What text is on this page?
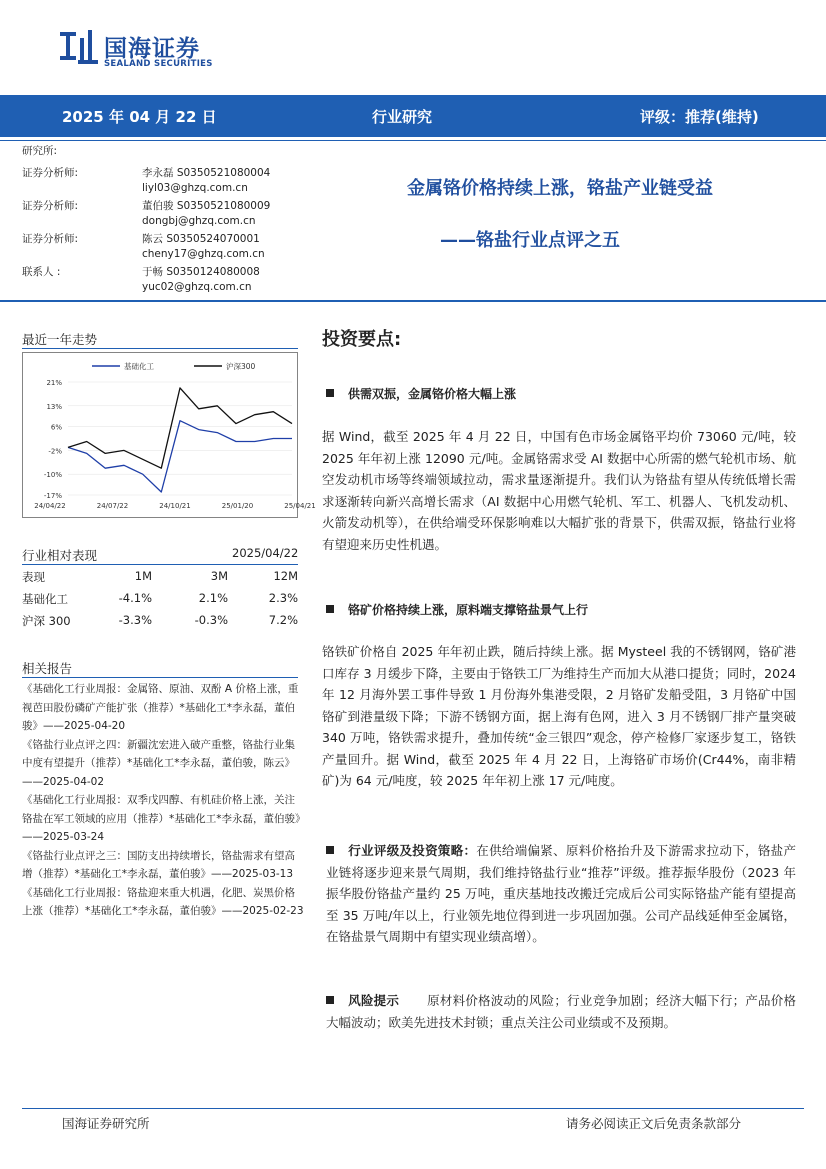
国海证券
SEALAND SECURITIES
2025 年 04 月 22 日	行业研究	评级：推荐(维持)
研究所:
证券分析师:	李永磊 S0350521080004
liyl03@ghzq.com.cn
证券分析师:	董伯骏 S0350521080009
dongbj@ghzq.com.cn
证券分析师:	陈云 S0350524070001
cheny17@ghzq.com.cn
联系人 :	于畅 S0350124080008
yuc02@ghzq.com.cn
金属铬价格持续上涨，铬盐产业链受益
——铬盐行业点评之五
最近一年走势
基础化工	沪深300
21%
13%
6%
-2%
-10%
-17%
24/04/22	24/07/22	24/10/21	25/01/20	25/04/21
行业相对表现	2025/04/22
表现	1M	3M	12M
基础化工	-4.1%	2.1%	2.3%
沪深 300	-3.3%	-0.3%	7.2%
相关报告

《基础化工行业周报：金属铬、原油、双酚 A 价格上涨，重视芭田股份磷矿产能扩张（推荐）*基础化工*李永磊，董伯骏》——2025-04-20

《铬盐行业点评之四：新疆沈宏进入破产重整，铬盐行业集中度有望提升（推荐）*基础化工*李永磊，董伯骏，陈云》——2025-04-02

《基础化工行业周报：双季戊四醇、有机硅价格上涨，关注铬盐在军工领域的应用（推荐）*基础化工*李永磊，董伯骏》——2025-03-24

《铬盐行业点评之三：国防支出持续增长，铬盐需求有望高增（推荐）*基础化工*李永磊，董伯骏》——2025-03-13

《基础化工行业周报：铬盐迎来重大机遇，化肥、炭黑价格上涨（推荐）*基础化工*李永磊，董伯骏》——2025-02-23

投资要点:
供需双振，金属铬价格大幅上涨
据 Wind，截至 2025 年 4 月 22 日，中国有色市场金属铬平均价 73060 元/吨，较 2025 年年初上涨 12090 元/吨。金属铬需求受 AI 数据中心所需的燃气轮机市场、航空发动机市场等终端领域拉动，需求量逐渐提升。我们认为铬盐有望从传统低增长需求逐渐转向新兴高增长需求（AI 数据中心用燃气轮机、军工、机器人、飞机发动机、火箭发动机等），在供给端受环保影响难以大幅扩张的背景下，供需双振，铬盐行业将有望迎来历史性机遇。
铬矿价格持续上涨，原料端支撑铬盐景气上行
铬铁矿价格自 2025 年年初止跌，随后持续上涨。据 Mysteel 我的不锈钢网，铬矿港口库存 3 月缓步下降，主要由于铬铁工厂为维持生产而加大从港口提货；同时，2024 年 12 月海外罢工事件导致 1 月份海外集港受限，2 月铬矿发船受阻，3 月铬矿中国铬矿到港量级下降；下游不锈钢方面，据上海有色网，进入 3 月不锈钢厂排产量突破 340 万吨，铬铁需求提升，叠加传统“金三银四”观念，停产检修厂家逐步复工，铬铁产量回升。据 Wind，截至 2025 年 4 月 22 日，上海铬矿市场价(Cr44%，南非精矿)为 64 元/吨度，较 2025 年年初上涨 17 元/吨度。
行业评级及投资策略：在供给端偏紧、原料价格抬升及下游需求拉动下，铬盐产业链将逐步迎来景气周期，我们维持铬盐行业“推荐”评级。推荐振华股份（2023 年振华股份铬盐产量约 25 万吨，重庆基地技改搬迁完成后公司实际铬盐产能有望提高至 35 万吨/年以上，行业领先地位得到进一步巩固加强。公司产品线延伸至金属铬，在铬盐景气周期中有望实现业绩高增）。
风险提示 原材料价格波动的风险；行业竞争加剧；经济大幅下行；产品价格大幅波动；欧美先进技术封锁；重点关注公司业绩或不及预期。
国海证券研究所	请务必阅读正文后免责条款部分
